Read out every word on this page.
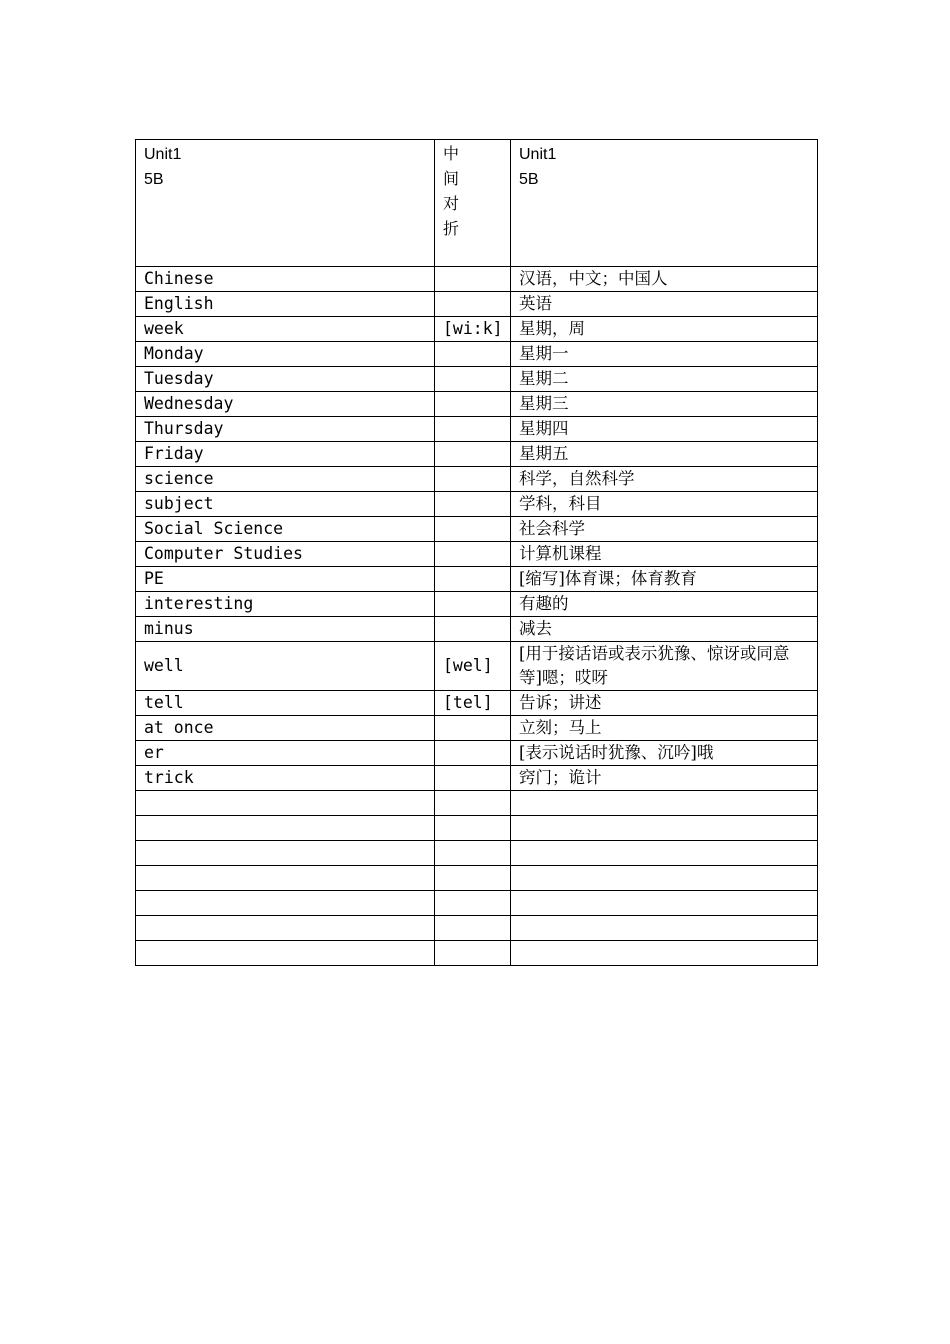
Unit1
5B	中
间
对
折	Unit1
5B

Chinese		汉语，中文；中国人
English		英语
week	[wi:k]	星期，周
Monday		星期一
Tuesday		星期二
Wednesday		星期三
Thursday		星期四
Friday		星期五
science		科学，自然科学
subject		学科，科目
Social Science		社会科学
Computer Studies		计算机课程
PE		[缩写]体育课；体育教育
interesting		有趣的
minus		减去
well	[wel]	[用于接话语或表示犹豫、惊讶或同意等]嗯；哎呀
tell	[tel]	告诉；讲述
at once		立刻；马上
er		[表示说话时犹豫、沉吟]哦
trick		窍门；诡计
